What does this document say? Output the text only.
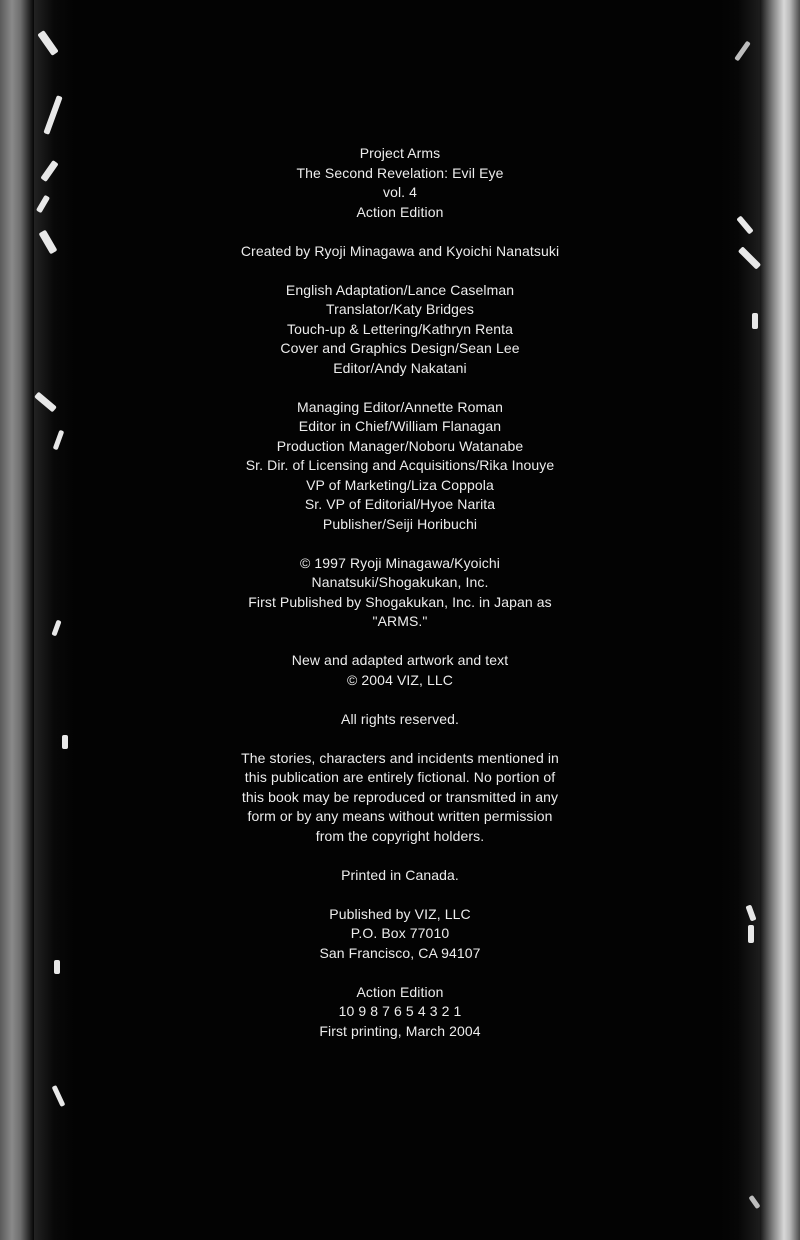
Project Arms
The Second Revelation: Evil Eye
vol. 4
Action Edition
Created by Ryoji Minagawa and Kyoichi Nanatsuki
English Adaptation/Lance Caselman
Translator/Katy Bridges
Touch-up & Lettering/Kathryn Renta
Cover and Graphics Design/Sean Lee
Editor/Andy Nakatani
Managing Editor/Annette Roman
Editor in Chief/William Flanagan
Production Manager/Noboru Watanabe
Sr. Dir. of Licensing and Acquisitions/Rika Inouye
VP of Marketing/Liza Coppola
Sr. VP of Editorial/Hyoe Narita
Publisher/Seiji Horibuchi
© 1997 Ryoji Minagawa/Kyoichi
Nanatsuki/Shogakukan, Inc.
First Published by Shogakukan, Inc. in Japan as
"ARMS."
New and adapted artwork and text
© 2004 VIZ, LLC
All rights reserved.
The stories, characters and incidents mentioned in
this publication are entirely fictional. No portion of
this book may be reproduced or transmitted in any
form or by any means without written permission
from the copyright holders.
Printed in Canada.
Published by VIZ, LLC
P.O. Box 77010
San Francisco, CA 94107
Action Edition
10 9 8 7 6 5 4 3 2 1
First printing, March 2004
